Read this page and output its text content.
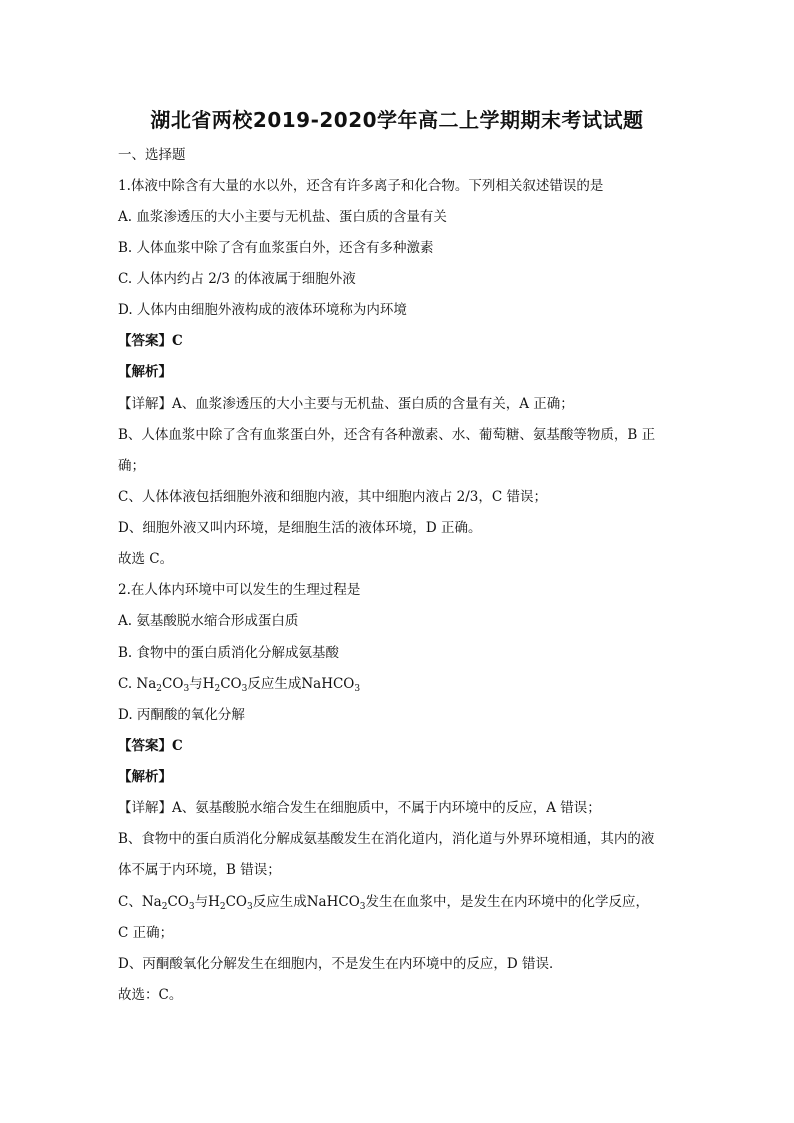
湖北省两校2019-2020学年高二上学期期末考试试题
一、选择题
1.体液中除含有大量的水以外，还含有许多离子和化合物。下列相关叙述错误的是
A. 血浆渗透压的大小主要与无机盐、蛋白质的含量有关
B. 人体血浆中除了含有血浆蛋白外，还含有多种激素
C. 人体内约占 2/3 的体液属于细胞外液
D. 人体内由细胞外液构成的液体环境称为内环境
【答案】C
【解析】
【详解】A、血浆渗透压的大小主要与无机盐、蛋白质的含量有关，A 正确；
B、人体血浆中除了含有血浆蛋白外，还含有各种激素、水、葡萄糖、氨基酸等物质，B 正
确；
C、人体体液包括细胞外液和细胞内液，其中细胞内液占 2/3，C 错误；
D、细胞外液又叫内环境，是细胞生活的液体环境，D 正确。
故选 C。
2.在人体内环境中可以发生的生理过程是
A. 氨基酸脱水缩合形成蛋白质
B. 食物中的蛋白质消化分解成氨基酸
C. $Na_2CO_3$与$H_2CO_3$反应生成NaHCO$_3$
D. 丙酮酸的氧化分解
【答案】C
【解析】
【详解】A、氨基酸脱水缩合发生在细胞质中，不属于内环境中的反应，A 错误；
B、食物中的蛋白质消化分解成氨基酸发生在消化道内，消化道与外界环境相通，其内的液
体不属于内环境，B 错误；
C、$Na_2CO_3$与$H_2CO_3$反应生成NaHCO$_3$发生在血浆中，是发生在内环境中的化学反应，
C 正确；
D、丙酮酸氧化分解发生在细胞内，不是发生在内环境中的反应，D 错误．
故选：C。
